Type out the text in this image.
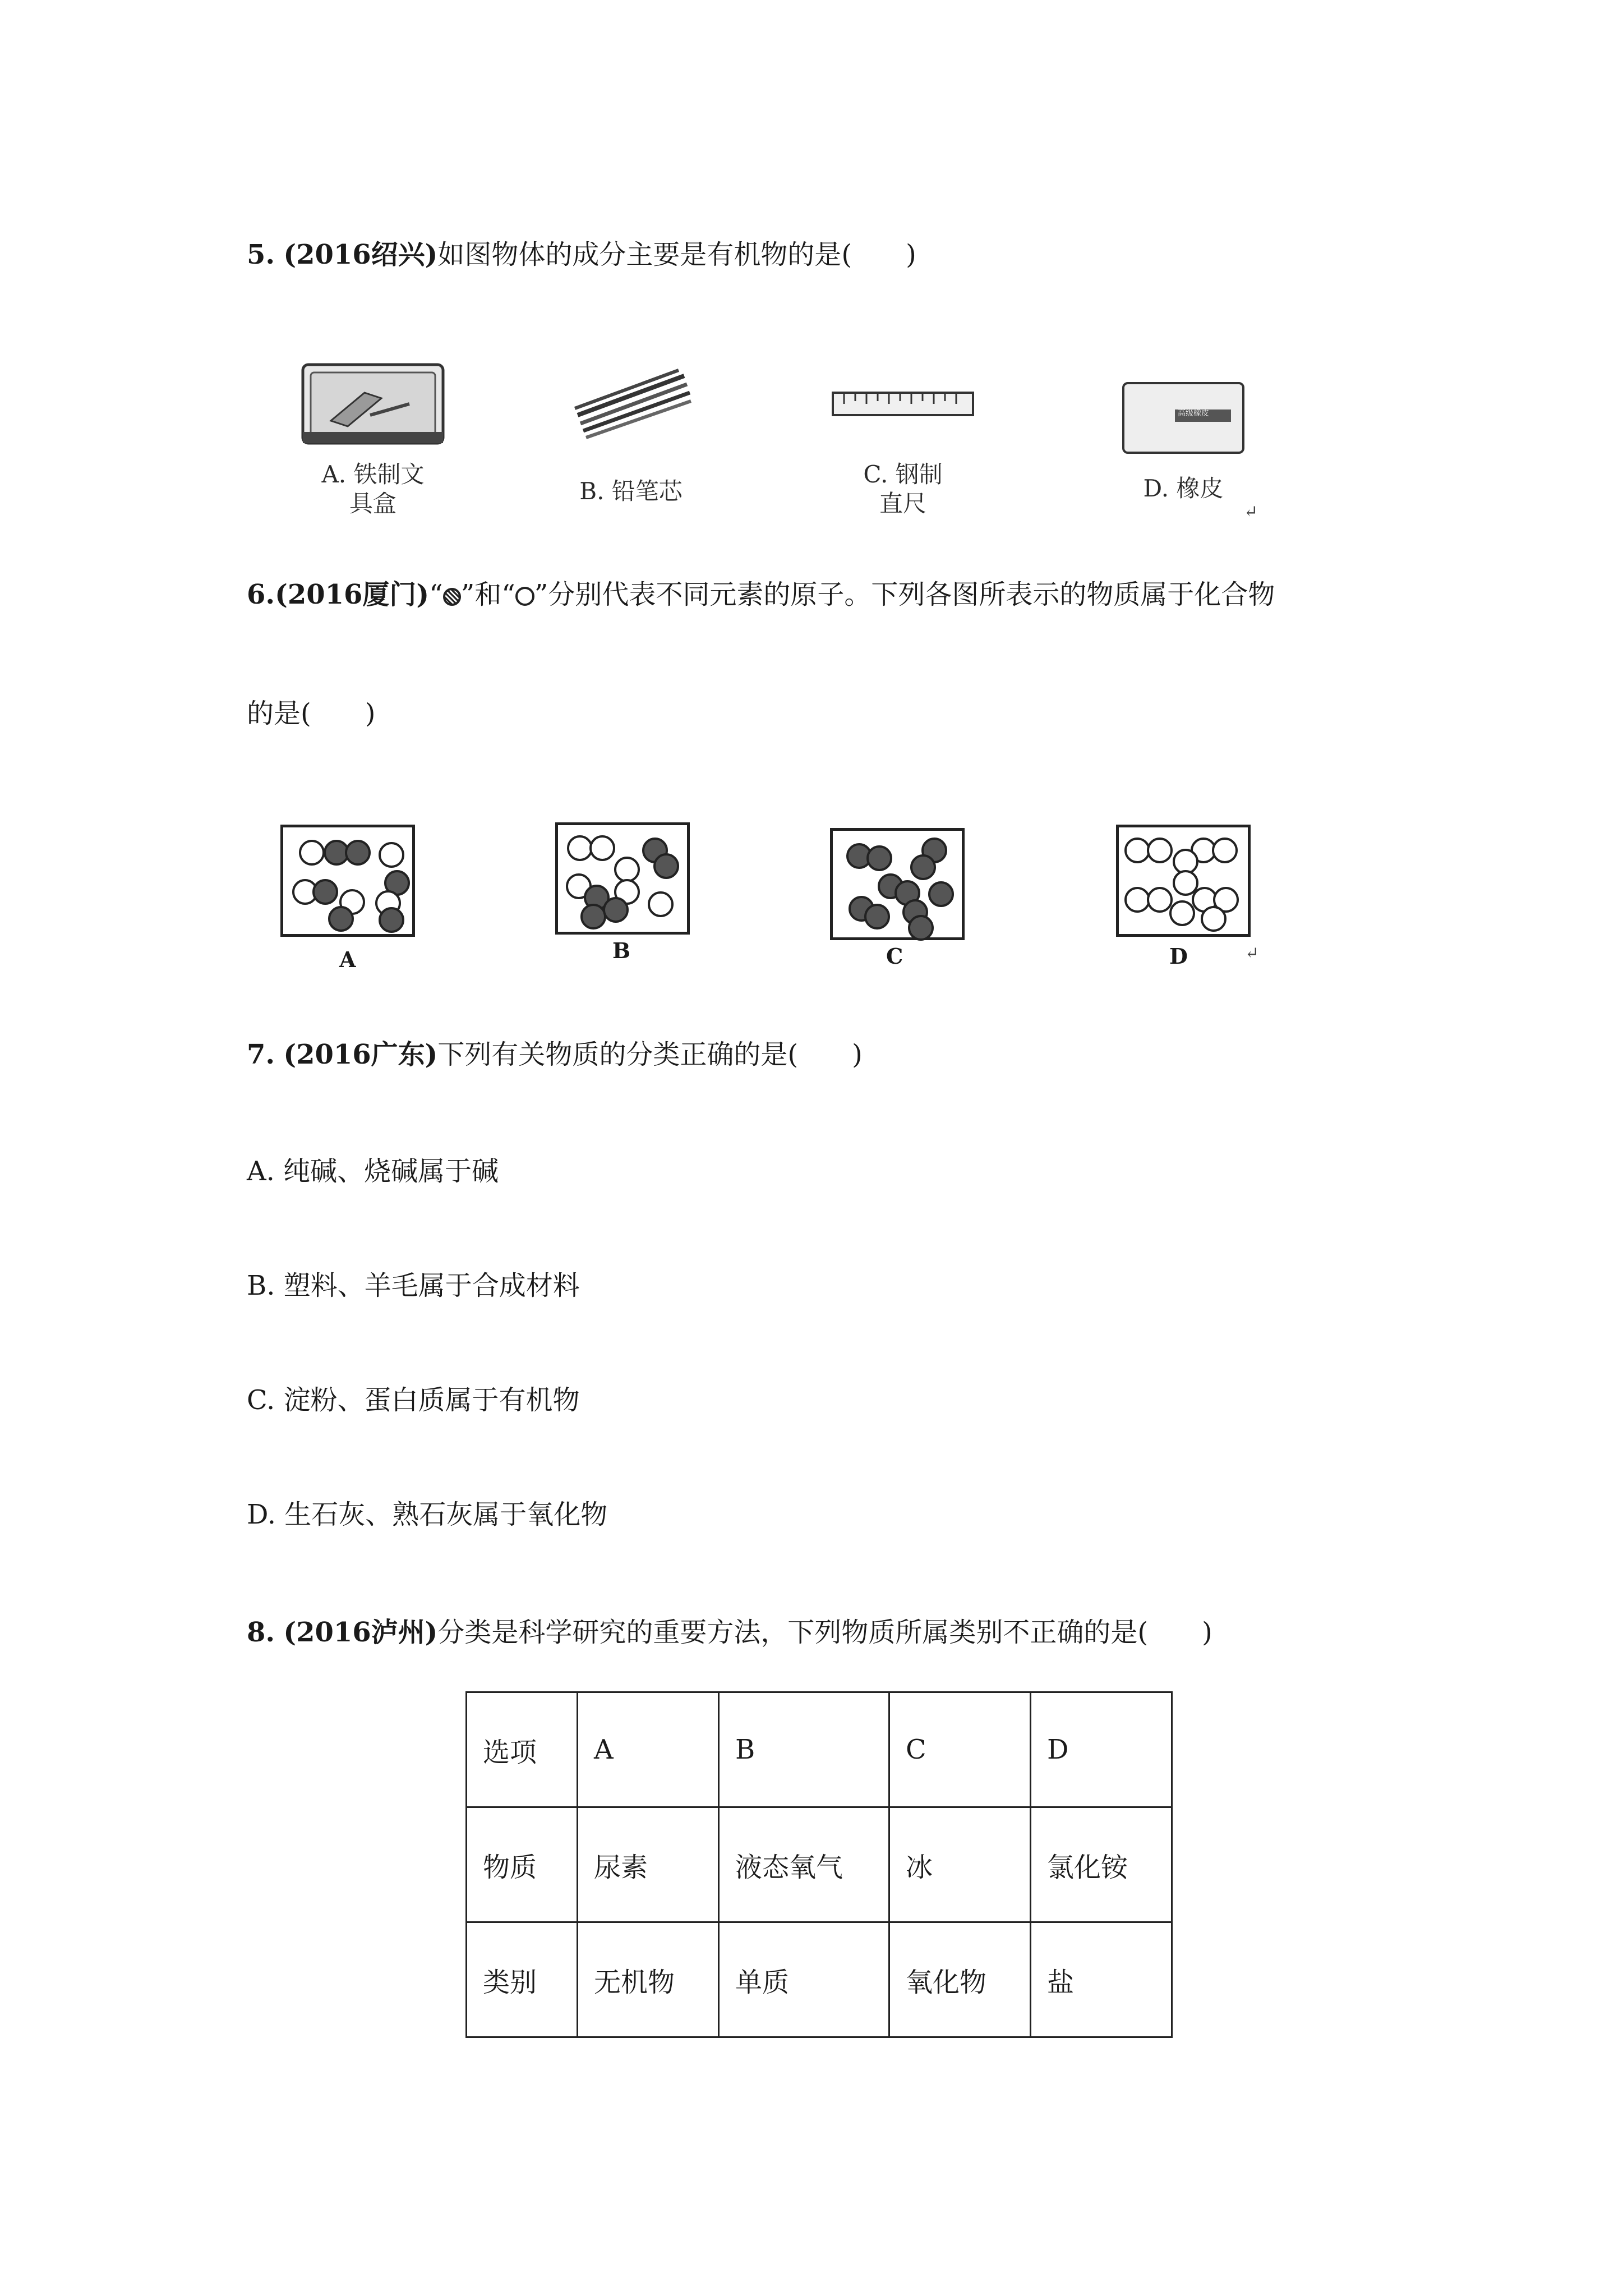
5. (2016绍兴)如图物体的成分主要是有机物的是(　　)
A. 铁制文
具盒	B. 铅笔芯
C. 钢制
直尺
高级橡皮
D. 橡皮
↵
6.(2016厦门)“ ”和“ ”分别代表不同元素的原子。下列各图所表示的物质属于化合物
的是(　　)
A	B	C	D	↵
7. (2016广东)下列有关物质的分类正确的是(　　)
A. 纯碱、烧碱属于碱
B. 塑料、羊毛属于合成材料
C. 淀粉、蛋白质属于有机物
D. 生石灰、熟石灰属于氧化物
8. (2016泸州)分类是科学研究的重要方法，下列物质所属类别不正确的是(　　)
选项	A	B	C	D
物质	尿素	液态氧气	冰	氯化铵
类别	无机物	单质	氧化物	盐
